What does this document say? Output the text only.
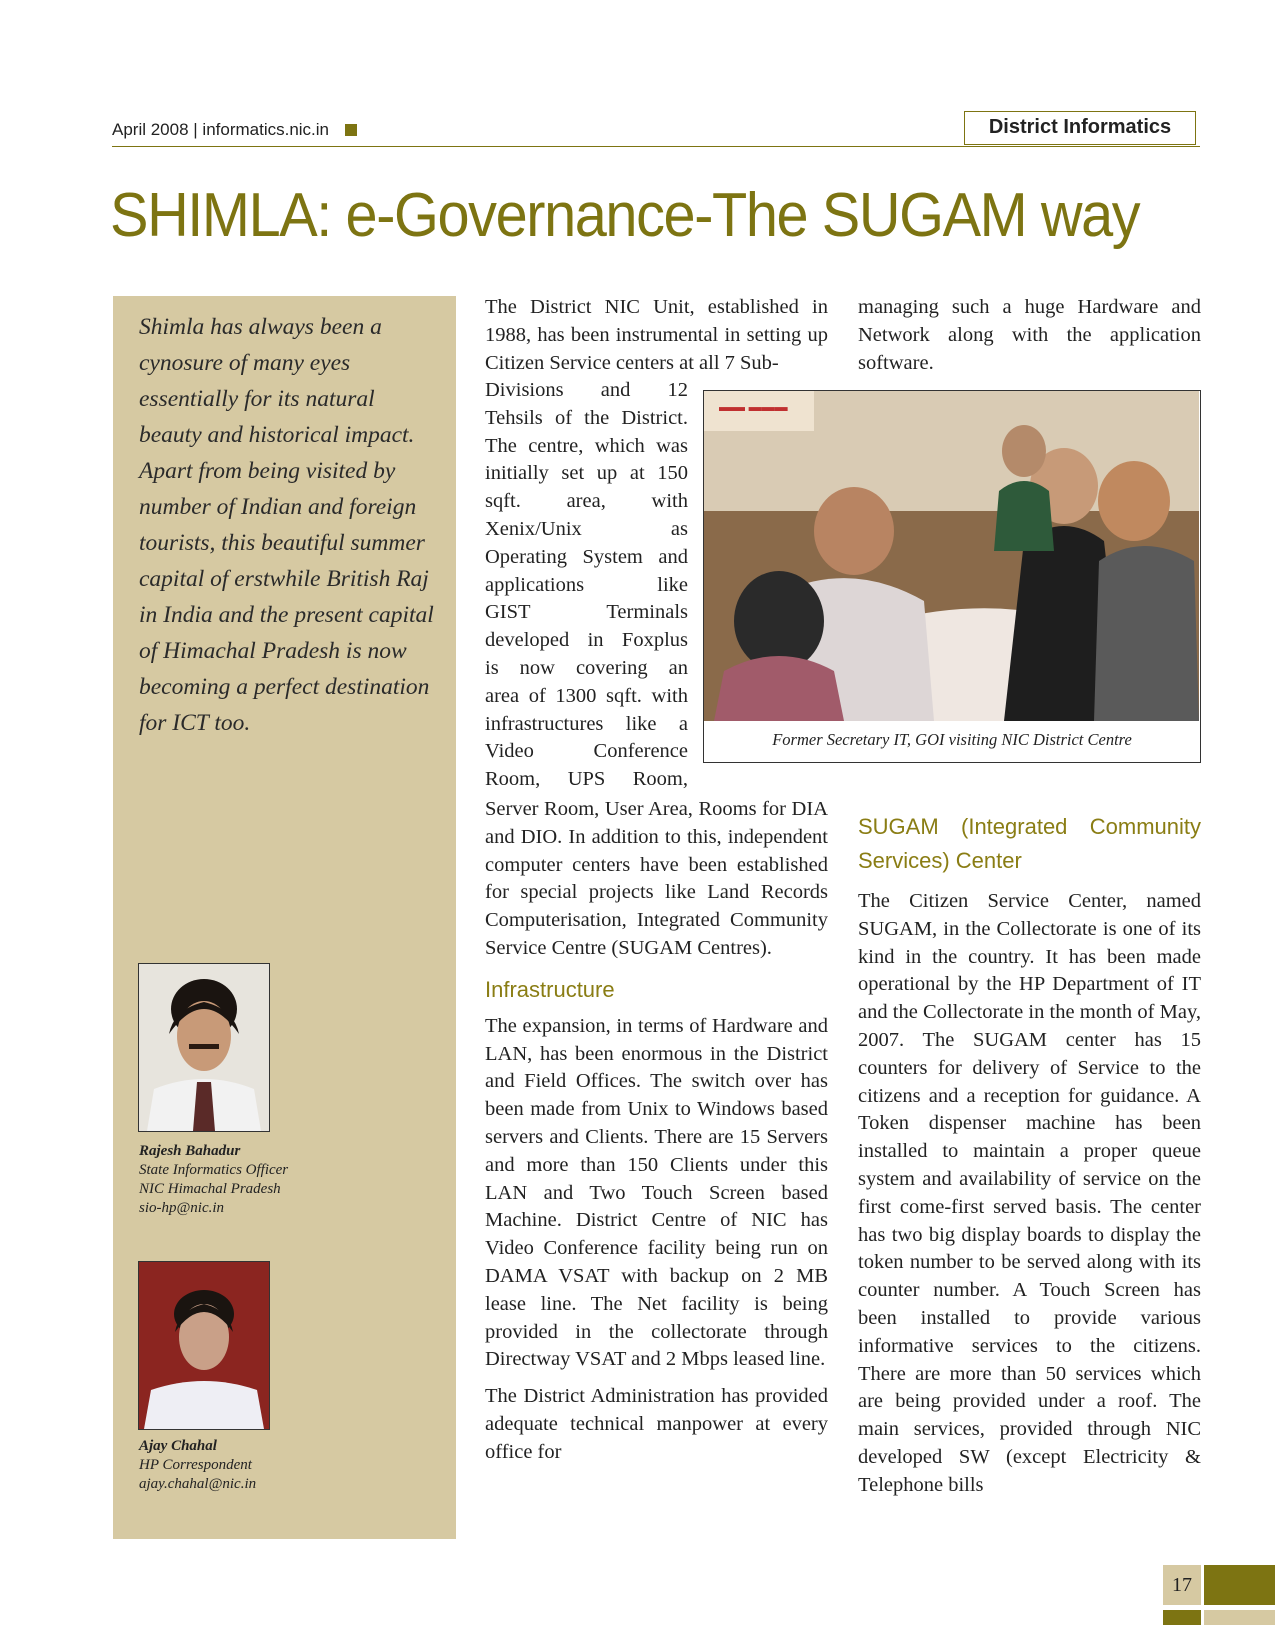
April 2008 | informatics.nic.in	District Informatics
SHIMLA: e-Governance-The SUGAM way
Shimla has always been a cynosure of many eyes essentially for its natural beauty and historical impact. Apart from being visited by number of Indian and foreign tourists, this beautiful summer capital of erstwhile British Raj in India and the present capital of Himachal Pradesh is now becoming a perfect destination for ICT too.
Rajesh Bahadur
State Informatics Officer
NIC Himachal Pradesh
sio-hp@nic.in
Ajay Chahal
HP Correspondent
ajay.chahal@nic.in

The District NIC Unit, established in 1988, has been instrumental in setting up Citizen Service centers at all 7 Sub-

Divisions and 12
Tehsils of the District.
The centre, which was
initially set up at 150
sqft. area, with
Xenix/Unix as
Operating System and
applications like
GIST Terminals
developed in Foxplus
is now covering an
area of 1300 sqft. with
infrastructures like a
Video Conference
Room, UPS Room,

Server Room, User Area, Rooms for DIA and DIO. In addition to this, independent computer centers have been established for special projects like Land Records Computerisation, Integrated Community Service Centre (SUGAM Centres).

Infrastructure

The expansion, in terms of Hardware and LAN, has been enormous in the District and Field Offices. The switch over has been made from Unix to Windows based servers and Clients. There are 15 Servers and more than 150 Clients under this LAN and Two Touch Screen based Machine. District Centre of NIC has Video Conference facility being run on DAMA VSAT with backup on 2 MB lease line. The Net facility is being provided in the collectorate through Directway VSAT and 2 Mbps leased line.

The District Administration has provided adequate technical manpower at every office for

managing such a huge Hardware and Network along with the application software.

▬▬ ▬▬▬
Former Secretary IT, GOI visiting NIC District Centre
SUGAM (Integrated Community Services) Center

The Citizen Service Center, named SUGAM, in the Collectorate is one of its kind in the country. It has been made operational by the HP Department of IT and the Collectorate in the month of May, 2007. The SUGAM center has 15 counters for delivery of Service to the citizens and a reception for guidance. A Token dispenser machine has been installed to maintain a proper queue system and availability of service on the first come-first served basis. The center has two big display boards to display the token number to be served along with its counter number. A Touch Screen has been installed to provide various informative services to the citizens. There are more than 50 services which are being provided under a roof. The main services, provided through NIC developed SW (except Electricity & Telephone bills

17
